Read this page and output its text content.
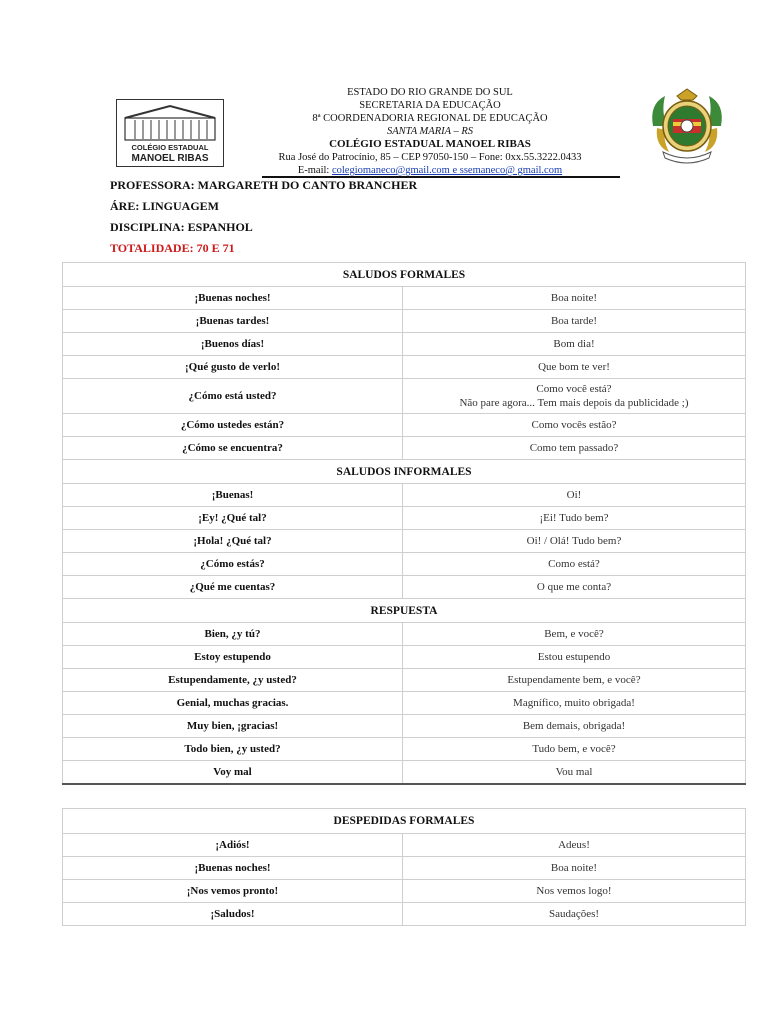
COLÉGIO ESTADUAL
MANOEL RIBAS
ESTADO DO RIO GRANDE DO SUL
SECRETARIA DA EDUCAÇÃO
8ª COORDENADORIA REGIONAL DE EDUCAÇÃO
SANTA MARIA – RS
COLÉGIO ESTADUAL MANOEL RIBAS
Rua José do Patrocínio, 85 – CEP 97050-150 – Fone: 0xx.55.3222.0433
E-mail: colegiomaneco@gmail.com e ssemaneco@ gmail.com
PROFESSORA: MARGARETH DO CANTO BRANCHER
ÁRE: LINGUAGEM
DISCIPLINA: ESPANHOL
TOTALIDADE: 70 E 71
SALUDOS FORMALES	
¡Buenas noches!	Boa noite!

¡Buenas tardes!	Boa tarde!

¡Buenos días!	Bom dia!

¡Qué gusto de verlo!	Que bom te ver!

¿Cómo está usted?	Como você está?
Não pare agora... Tem mais depois da publicidade ;)

¿Cómo ustedes están?	Como vocês estão?

¿Cómo se encuentra?	Como tem passado?

SALUDOS INFORMALES	
¡Buenas!	Oi!

¡Ey! ¿Qué tal?	¡Ei! Tudo bem?

¡Hola! ¿Qué tal?	Oi! / Olá! Tudo bem?

¿Cómo estás?	Como está?

¿Qué me cuentas?	O que me conta?

RESPUESTA	
Bien, ¿y tú?	Bem, e você?

Estoy estupendo	Estou estupendo

Estupendamente, ¿y usted?	Estupendamente bem, e você?

Genial, muchas gracias.	Magnífico, muito obrigada!

Muy bien, ¡gracias!	Bem demais, obrigada!

Todo bien, ¿y usted?	Tudo bem, e você?

Voy mal	Vou mal
DESPEDIDAS FORMALES	
¡Adiós!	Adeus!

¡Buenas noches!	Boa noite!

¡Nos vemos pronto!	Nos vemos logo!

¡Saludos!	Saudações!
